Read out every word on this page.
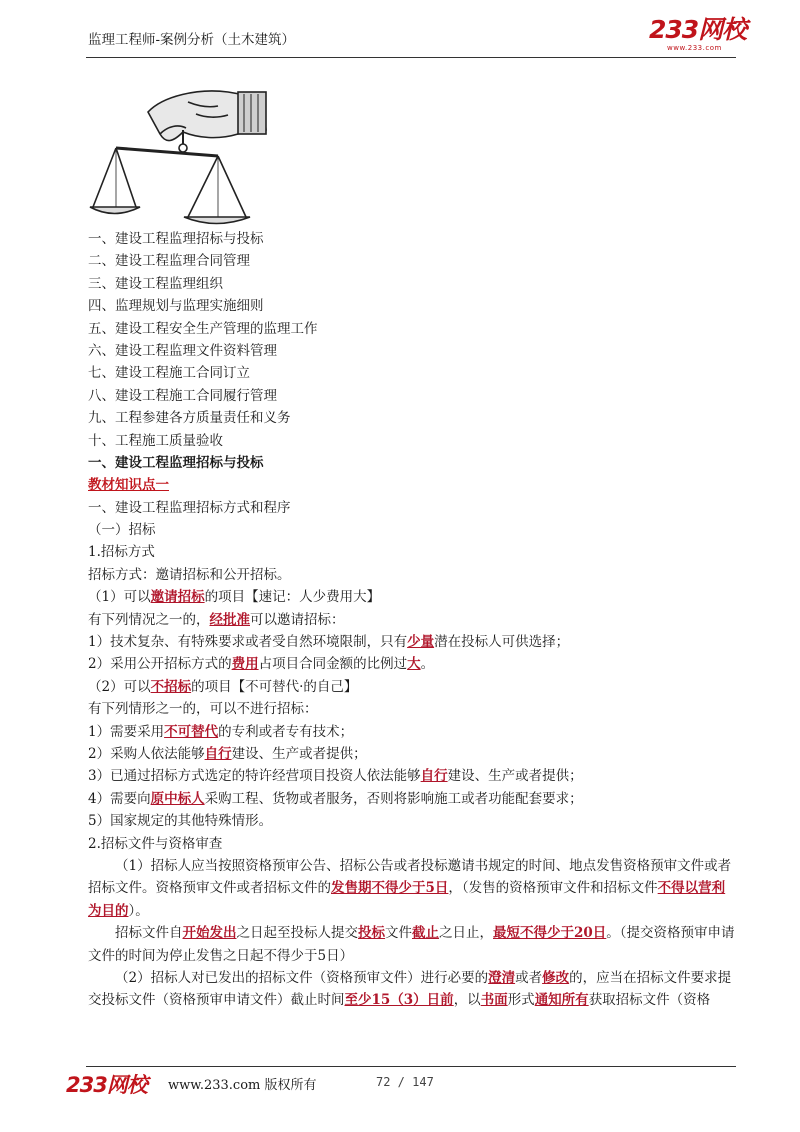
监理工程师-案例分析（土木建筑）	233网校
www.233.com
一、建设工程监理招标与投标
二、建设工程监理合同管理
三、建设工程监理组织
四、监理规划与监理实施细则
五、建设工程安全生产管理的监理工作
六、建设工程监理文件资料管理
七、建设工程施工合同订立
八、建设工程施工合同履行管理
九、工程参建各方质量责任和义务
十、工程施工质量验收
一、建设工程监理招标与投标
教材知识点一
一、建设工程监理招标方式和程序
（一）招标
1.招标方式
招标方式：邀请招标和公开招标。
（1）可以邀请招标的项目【速记：人少费用大】
有下列情况之一的，经批准可以邀请招标：
1）技术复杂、有特殊要求或者受自然环境限制，只有少量潜在投标人可供选择；
2）采用公开招标方式的费用占项目合同金额的比例过大。
（2）可以不招标的项目【不可替代·的自己】
有下列情形之一的，可以不进行招标：
1）需要采用不可替代的专利或者专有技术；
2）采购人依法能够自行建设、生产或者提供；
3）已通过招标方式选定的特许经营项目投资人依法能够自行建设、生产或者提供；
4）需要向原中标人采购工程、货物或者服务，否则将影响施工或者功能配套要求；
5）国家规定的其他特殊情形。
2.招标文件与资格审查
（1）招标人应当按照资格预审公告、招标公告或者投标邀请书规定的时间、地点发售资格预审文件或者招标文件。资格预审文件或者招标文件的发售期不得少于5日，（发售的资格预审文件和招标文件不得以营利为目的）。
招标文件自开始发出之日起至投标人提交投标文件截止之日止，最短不得少于20日。（提交资格预审申请文件的时间为停止发售之日起不得少于5日）
（2）招标人对已发出的招标文件（资格预审文件）进行必要的澄清或者修改的，应当在招标文件要求提交投标文件（资格预审申请文件）截止时间至少15（3）日前，以书面形式通知所有获取招标文件（资格
233网校 www.233.com 版权所有	72 / 147
